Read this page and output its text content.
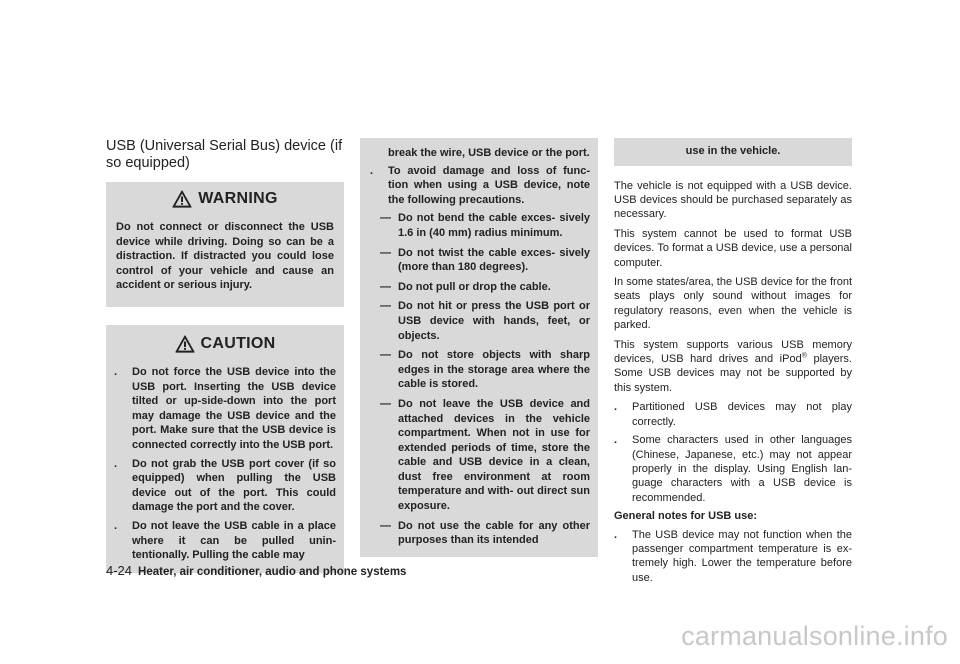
USB (Universal Serial Bus) device (if so equipped)
WARNING

Do not connect or disconnect the USB device while driving. Doing so can be a distraction. If distracted you could lose control of your vehicle and cause an accident or serious injury.

CAUTION
.	Do not force the USB device into the USB port. Inserting the USB device tilted or up-side-down into the port may damage the USB device and the port. Make sure that the USB device is connected correctly into the USB port.
.	Do not grab the USB port cover (if so equipped) when pulling the USB device out of the port. This could damage the port and the cover.
.	Do not leave the USB cable in a place where it can be pulled unin- tentionally. Pulling the cable may
break the wire, USB device or the port.
.	To avoid damage and loss of func- tion when using a USB device, note the following precautions.
— Do not bend the cable exces- sively 1.6 in (40 mm) radius minimum.
— Do not twist the cable exces- sively (more than 180 degrees).
— Do not pull or drop the cable.
— Do not hit or press the USB port or USB device with hands, feet, or objects.
— Do not store objects with sharp edges in the storage area where the cable is stored.
— Do not leave the USB device and attached devices in the vehicle compartment. When not in use for extended periods of time, store the cable and USB device in a clean, dust free environment at room temperature and with- out direct sun exposure.
— Do not use the cable for any other purposes than its intended
use in the vehicle.

The vehicle is not equipped with a USB device. USB devices should be purchased separately as necessary.

This system cannot be used to format USB devices. To format a USB device, use a personal computer.

In some states/area, the USB device for the front seats plays only sound without images for regulatory reasons, even when the vehicle is parked.

This system supports various USB memory devices, USB hard drives and iPod® players. Some USB devices may not be supported by this system.

.	Partitioned USB devices may not play correctly.
.	Some characters used in other languages (Chinese, Japanese, etc.) may not appear properly in the display. Using English lan- guage characters with a USB device is recommended.
General notes for USB use:
.	The USB device may not function when the passenger compartment temperature is ex- tremely high. Lower the temperature before use.
4-24 Heater, air conditioner, audio and phone systems
carmanualsonline.info
